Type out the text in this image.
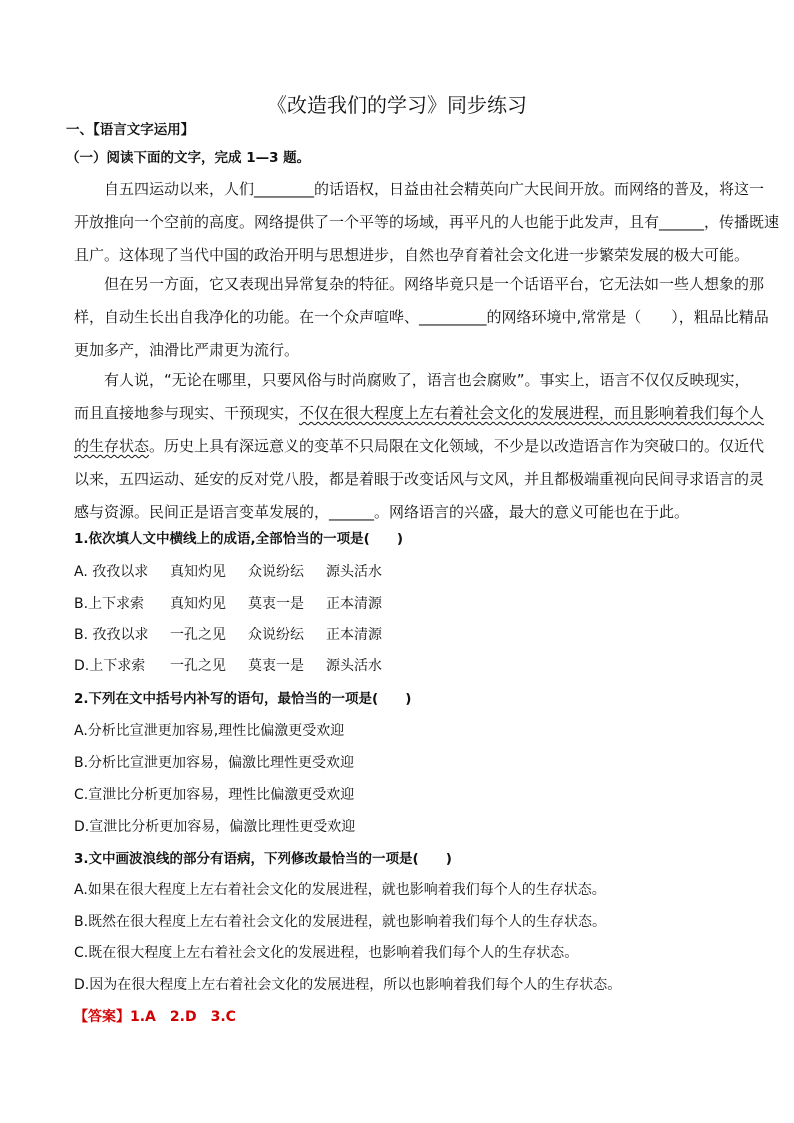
《改造我们的学习》同步练习
一、【语言文字运用】
（一）阅读下面的文字，完成 1—3 题。
自五四运动以来，人们________的话语权，日益由社会精英向广大民间开放。而网络的普及，将这一
开放推向一个空前的高度。网络提供了一个平等的场域，再平凡的人也能于此发声，且有______，传播既速
且广。这体现了当代中国的政治开明与思想进步，自然也孕育着社会文化进一步繁荣发展的极大可能。
但在另一方面，它又表现出异常复杂的特征。网络毕竟只是一个话语平台，它无法如一些人想象的那
样，自动生长出自我净化的功能。在一个众声喧哗、_________的网络环境中,常常是（　　），粗品比精品
更加多产，油滑比严肃更为流行。
有人说，“无论在哪里，只要风俗与时尚腐败了，语言也会腐败”。事实上，语言不仅仅反映现实，
而且直接地参与现实、干预现实，不仅在很大程度上左右着社会文化的发展进程，而且影响着我们每个人
的生存状态。历史上具有深远意义的变革不只局限在文化领域，不少是以改造语言作为突破口的。仅近代
以来，五四运动、延安的反对党八股，都是着眼于改变话风与文风，并且都极端重视向民间寻求语言的灵
感与资源。民间正是语言变革发展的，______。网络语言的兴盛，最大的意义可能也在于此。
1.依次填人文中横线上的成语,全部恰当的一项是(　　)
A. 孜孜以求 真知灼见 众说纷纭 源头活水
B.上下求索 真知灼见 莫衷一是 正本清源
B. 孜孜以求 一孔之见 众说纷纭 正本清源
D.上下求索 一孔之见 莫衷一是 源头活水
2.下列在文中括号内补写的语句，最恰当的一项是(　　)
A.分析比宣泄更加容易,理性比偏激更受欢迎
B.分析比宣泄更加容易，偏激比理性更受欢迎
C.宣泄比分析更加容易，理性比偏激更受欢迎
D.宣泄比分析更加容易，偏激比理性更受欢迎
3.文中画波浪线的部分有语病，下列修改最恰当的一项是(　　)
A.如果在很大程度上左右着社会文化的发展进程，就也影响着我们每个人的生存状态。
B.既然在很大程度上左右着社会文化的发展进程，就也影响着我们每个人的生存状态。
C.既在很大程度上左右着社会文化的发展进程，也影响着我们每个人的生存状态。
D.因为在很大程度上左右着社会文化的发展进程，所以也影响着我们每个人的生存状态。
【答案】1.A　2.D　3.C
